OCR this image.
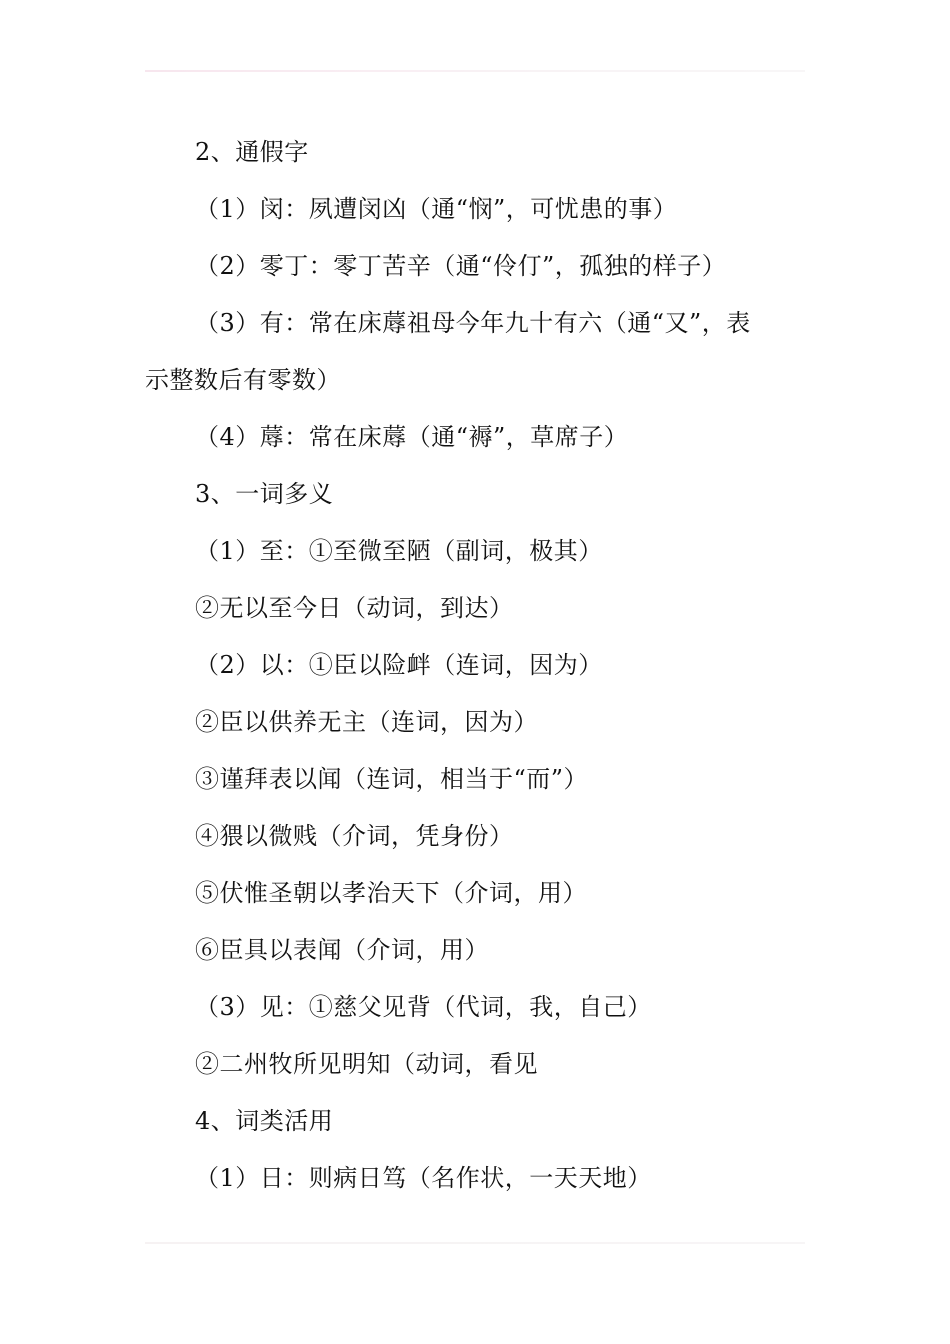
2、通假字
（1）闵：夙遭闵凶（通“悯”，可忧患的事）
（2）零丁：零丁苦辛（通“伶仃”，孤独的样子）
（3）有：常在床蓐祖母今年九十有六（通“又”，表
示整数后有零数）
（4）蓐：常在床蓐（通“褥”，草席子）
3、一词多义
（1）至：①至微至陋（副词，极其）
②无以至今日（动词，到达）
（2）以：①臣以险衅（连词，因为）
②臣以供养无主（连词，因为）
③谨拜表以闻（连词，相当于“而”）
④猥以微贱（介词，凭身份）
⑤伏惟圣朝以孝治天下（介词，用）
⑥臣具以表闻（介词，用）
（3）见：①慈父见背（代词，我，自己）
②二州牧所见明知（动词，看见
4、词类活用
（1）日：则病日笃（名作状，一天天地）
